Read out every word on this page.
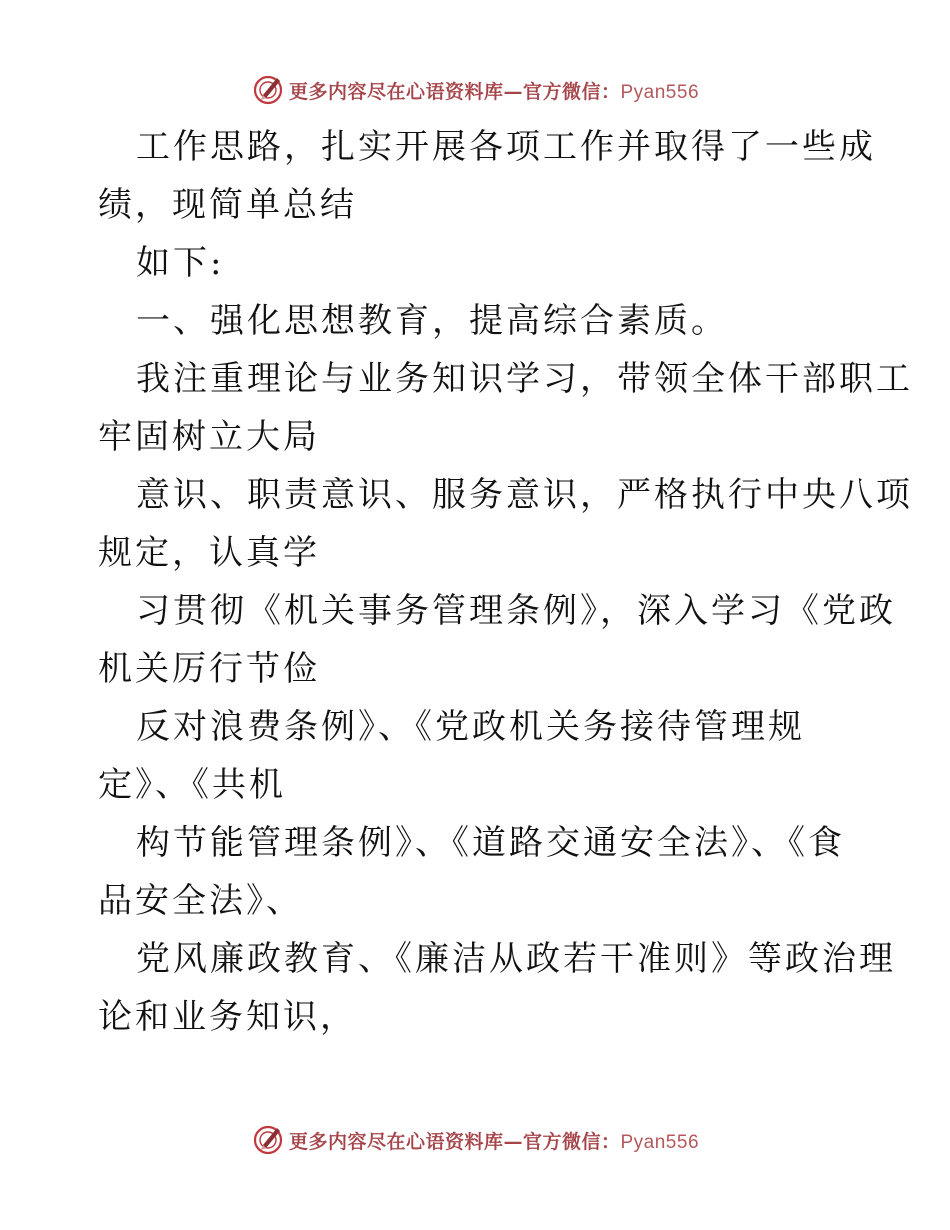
更多内容尽在心语资料库—官方微信：Pyan556
工作思路，扎实开展各项工作并取得了一些成
绩，现简单总结
如下:
一、强化思想教育，提高综合素质。
我注重理论与业务知识学习，带领全体干部职工
牢固树立大局
意识、职责意识、服务意识，严格执行中央八项
规定，认真学
习贯彻《机关事务管理条例》，深入学习《党政
机关厉行节俭
反对浪费条例》、《党政机关务接待管理规
定》、《共机
构节能管理条例》、《道路交通安全法》、《食
品安全法》、
党风廉政教育、《廉洁从政若干准则》等政治理
论和业务知识，
更多内容尽在心语资料库—官方微信：Pyan556
